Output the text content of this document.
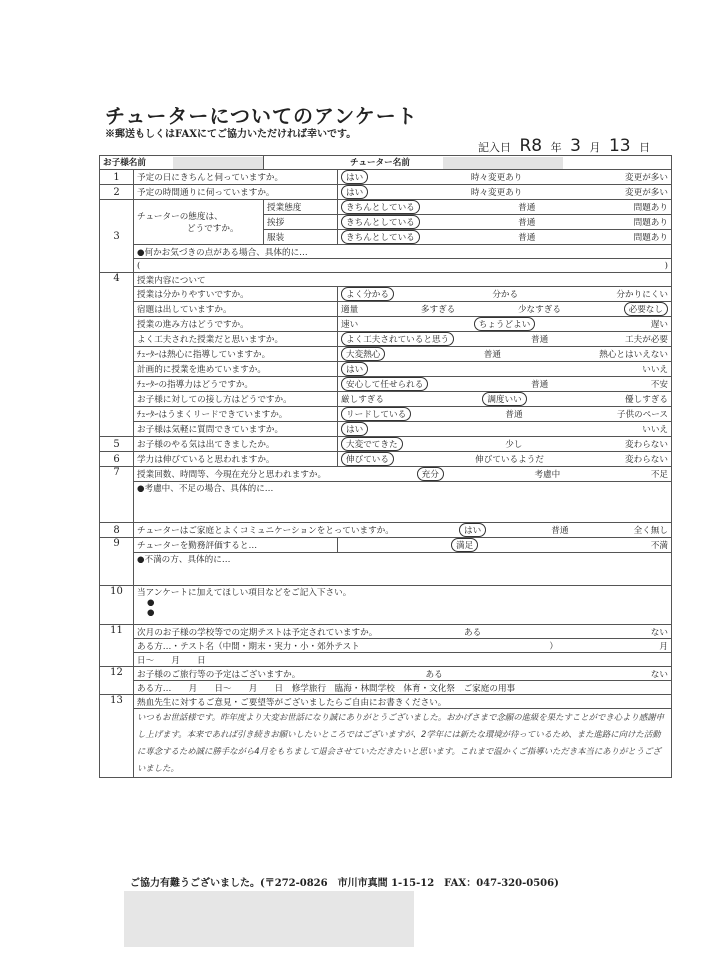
チューターについてのアンケート
※郵送もしくはFAXにてご協力いただければ幸いです。
記入日 R8 年 3 月 13 日
お子様名前		チューター名前	
1	予定の日にきちんと伺っていますか。		はい 時々変更あり 変更が多い

2	予定の時間通りに伺っていますか。		はい 時々変更あり 変更が多い

3	チューターの態度は、
どうですか。	授業態度	きちんとしている 普通 問題あり

		挨拶	きちんとしている 普通 問題あり

		服装	きちんとしている 普通 問題あり

	●何かお気づきの点がある場合、具体的に…		

	( )		

4	授業内容について		
	授業は分かりやすいですか。		よく分かる 分かる 分かりにくい

	宿題は出していますか。		適量 多すぎる 少なすぎる 必要なし

	授業の進み方はどうですか。		速い ちょうどよい 遅い

	よく工夫された授業だと思いますか。		よく工夫されていると思う 普通 工夫が必要

	ﾁｭｰﾀｰは熱心に指導していますか。		大変熱心 普通 熱心とはいえない

	計画的に授業を進めていますか。		はい いいえ

	ﾁｭｰﾀｰの指導力はどうですか。		安心して任せられる 普通 不安

	お子様に対しての接し方はどうですか。		厳しすぎる 調度いい 優しすぎる

	ﾁｭｰﾀｰはうまくリードできていますか。		リードしている 普通 子供のペース

	お子様は気軽に質問できていますか。		はい いいえ

5	お子様のやる気は出てきましたか。		大変でてきた 少し 変わらない

6	学力は伸びていると思われますか。		伸びている 伸びているようだ 変わらない

7	授業回数、時間等、今現在充分と思われますか。 充分 考慮中 不足		

	●考慮中、不足の場合、具体的に…		
8	チューターはご家庭とよくコミュニケーションをとっていますか。 はい 普通 全く無し		

9	チューターを勤務評価すると…		満足 不満

	●不満の方、具体的に…		
10	当アンケートに加えてほしい項目などをご記入下さい。
●
●		

11	次月のお子様の学校等での定期テストは予定されていますか。 ある ない		

	ある方…・テスト名（中間・期末・実力・小・郊外テスト ） 月		

	日～　　月　　日		
12	お子様のご旅行等の予定はございますか。 ある ない		

	ある方…　　月　　日～　　月　　日　修学旅行　臨海・林間学校　体育・文化祭　ご家庭の用事		
13	熱血先生に対するご意見・ご要望等がございましたらご自由にお書きください。		

	いつもお世話様です。昨年度より大変お世話になり誠にありがとうございました。おかげさまで念願の進級を果たすことができ心より感謝申し上げます。本来であれば引き続きお願いしたいところではございますが、2学年には新たな環境が待っているため、また進路に向けた活動に専念するため誠に勝手ながら4月をもちまして退会させていただきたいと思います。これまで温かくご指導いただき本当にありがとうございました。		
ご協力有難うございました。(〒272-0826　市川市真間 1-15-12　FAX：047-320-0506)
